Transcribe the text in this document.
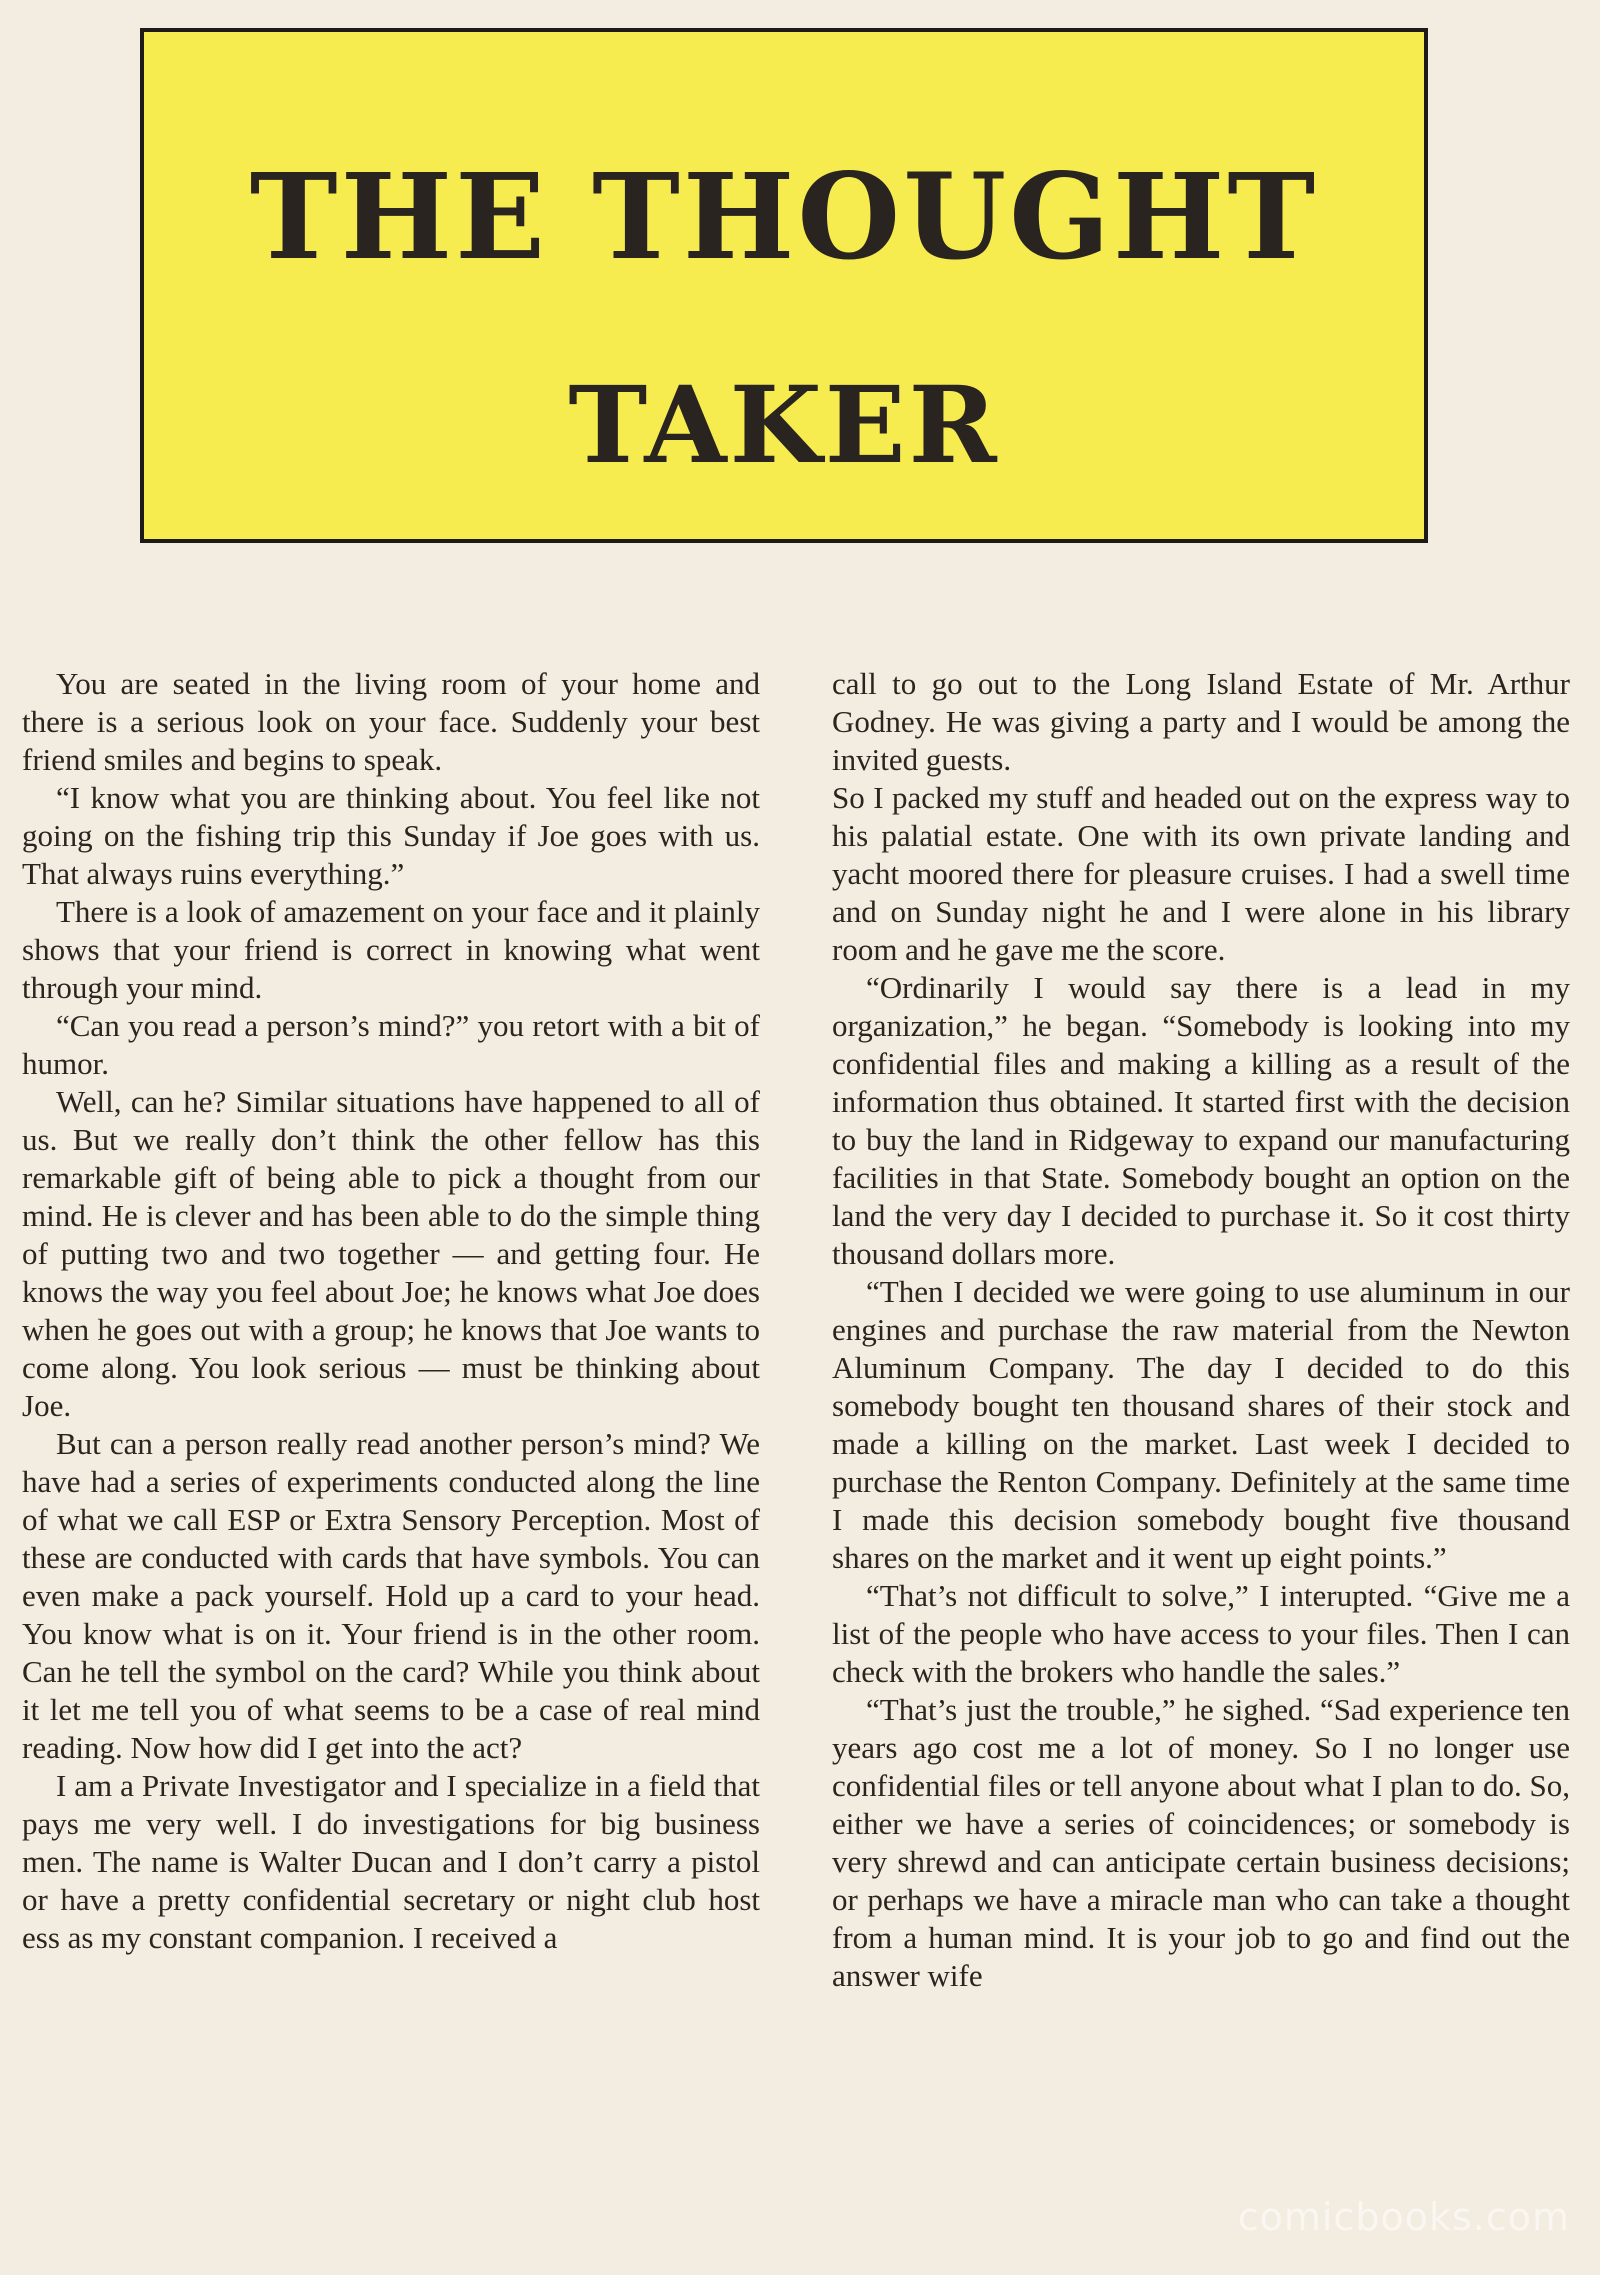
THE THOUGHT
TAKER

You are seated in the living room of your home and there is a serious look on your face. Suddenly your best friend smiles and begins to speak.

“I know what you are thinking about. You feel like not going on the fishing trip this Sunday if Joe goes with us. That always ruins everything.”

There is a look of amazement on your face and it plainly shows that your friend is correct in knowing what went through your mind.

“Can you read a person’s mind?” you retort with a bit of humor.

Well, can he? Similar situations have happened to all of us. But we really don’t think the other fellow has this remarkable gift of being able to pick a thought from our mind. He is clever and has been able to do the simple thing of putting two and two together — and getting four. He knows the way you feel about Joe; he knows what Joe does when he goes out with a group; he knows that Joe wants to come along. You look serious — must be thinking about Joe.

But can a person really read another person’s mind? We have had a series of experiments conducted along the line of what we call ESP or Extra Sensory Perception. Most of these are conducted with cards that have symbols. You can even make a pack yourself. Hold up a card to your head. You know what is on it. Your friend is in the other room. Can he tell the symbol on the card? While you think about it let me tell you of what seems to be a case of real mind reading. Now how did I get into the act?

I am a Private Investigator and I specialize in a field that pays me very well. I do investigations for big business men. The name is Walter Ducan and I don’t carry a pistol or have a pretty confidential secretary or night club host ess as my constant companion. I received a

call to go out to the Long Island Estate of Mr. Arthur Godney. He was giving a party and I would be among the invited guests.

So I packed my stuff and headed out on the express way to his palatial estate. One with its own private landing and yacht moored there for pleasure cruises. I had a swell time and on Sunday night he and I were alone in his library room and he gave me the score.

“Ordinarily I would say there is a lead in my organization,” he began. “Somebody is looking into my confidential files and making a killing as a result of the information thus obtained. It started first with the decision to buy the land in Ridgeway to expand our manufacturing facilities in that State. Somebody bought an option on the land the very day I decided to purchase it. So it cost thirty thousand dollars more.

“Then I decided we were going to use aluminum in our engines and purchase the raw material from the Newton Aluminum Company. The day I decided to do this somebody bought ten thousand shares of their stock and made a killing on the market. Last week I decided to purchase the Renton Company. Definitely at the same time I made this decision somebody bought five thousand shares on the market and it went up eight points.”

“That’s not difficult to solve,” I interupted. “Give me a list of the people who have access to your files. Then I can check with the brokers who handle the sales.”

“That’s just the trouble,” he sighed. “Sad experience ten years ago cost me a lot of money. So I no longer use confidential files or tell anyone about what I plan to do. So, either we have a series of coincidences; or somebody is very shrewd and can anticipate certain business decisions; or perhaps we have a miracle man who can take a thought from a human mind. It is your job to go and find out the answer wife

comicbooks.com
